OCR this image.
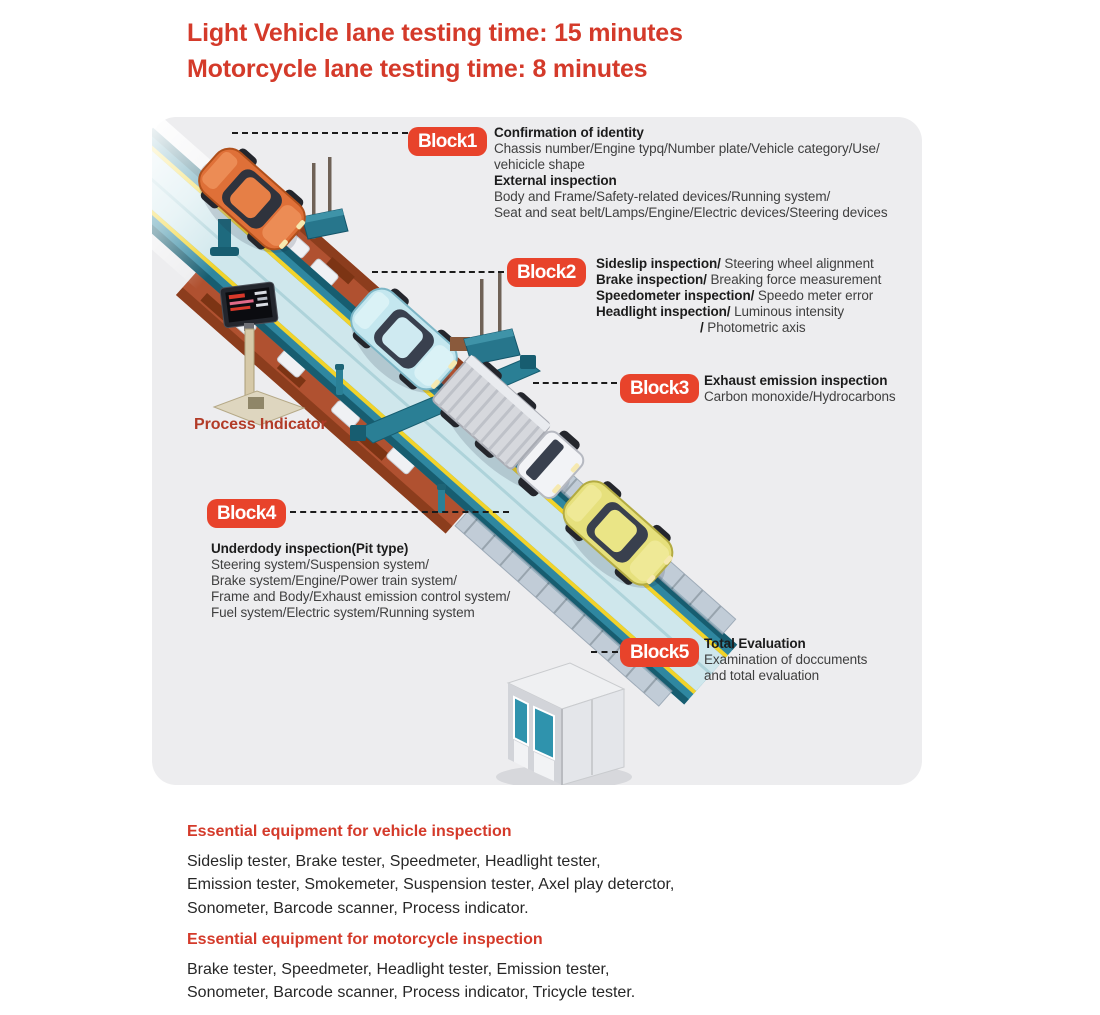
Light Vehicle lane testing time: 15 minutes
Motorcycle lane testing time: 8 minutes
Block1
Block2
Block3
Block4
Block5
Confirmation of identity
Chassis number/Engine typq/Number plate/Vehicle category/Use/
vehicicle shape
External inspection
Body and Frame/Safety-related devices/Running system/
Seat and seat belt/Lamps/Engine/Electric devices/Steering devices
Sideslip inspection/ Steering wheel alignment
Brake inspection/ Breaking force measurement
Speedometer inspection/ Speedo meter error
Headlight inspection/ Luminous intensity
/ Photometric axis
Exhaust emission inspection
Carbon monoxide/Hydrocarbons
Underdody inspection(Pit type)
Steering system/Suspension system/
Brake system/Engine/Power train system/
Frame and Body/Exhaust emission control system/
Fuel system/Electric system/Running system
Total Evaluation
Examination of doccuments
and total evaluation
Process Indicator
Essential equipment for vehicle inspection
Sideslip tester, Brake tester, Speedmeter, Headlight tester,
Emission tester, Smokemeter, Suspension tester, Axel play deterctor,
Sonometer, Barcode scanner, Process indicator.
Essential equipment for motorcycle inspection
Brake tester, Speedmeter, Headlight tester, Emission tester,
Sonometer, Barcode scanner, Process indicator, Tricycle tester.
